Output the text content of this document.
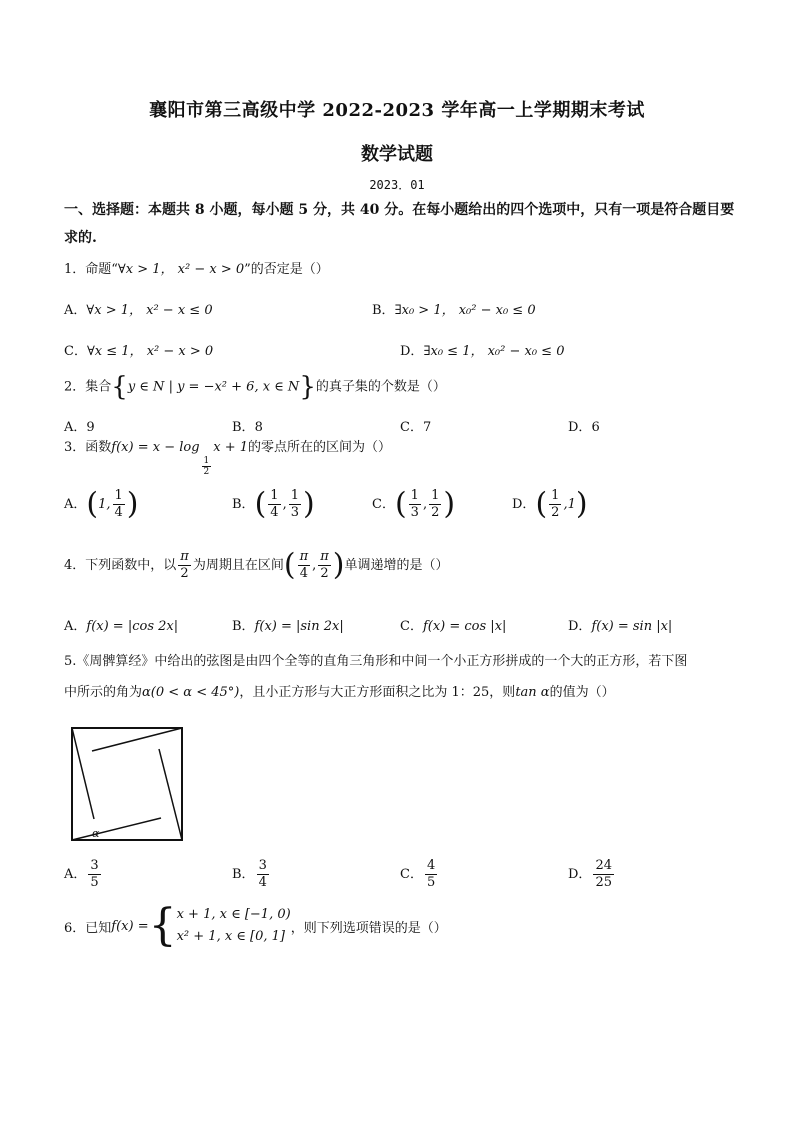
襄阳市第三高级中学 2022-2023 学年高一上学期期末考试
数学试题
2023．01
一、选择题：本题共 8 小题，每小题 5 分，共 40 分。在每小题给出的四个选项中，只有一项是符合题目要求的.
1．命题“∀x > 1， x² − x > 0”的否定是（）
A．∀x > 1， x² − x ≤ 0	B．∃x₀ > 1， x₀² − x₀ ≤ 0
C．∀x ≤ 1， x² − x > 0	D．∃x₀ ≤ 1， x₀² − x₀ ≤ 0
2．集合{y ∈ N | y = −x² + 6, x ∈ N}的真子集的个数是（）
A．9	B．8	C．7	D．6
3．函数f(x) = x − log
$\frac{1}{2}$
x + 1的零点所在的区间为（）
A．(1, $\frac{1}{4}$ )	B．( $\frac{1}{4}$ , $\frac{1}{3}$ )	C．( $\frac{1}{3}$ , $\frac{1}{2}$ )	D．( $\frac{1}{2} ,1$)
4．下列函数中，以 $\frac{\pi}{2}$ 为周期且在区间( $\frac{\pi}{4}$ , $\frac{\pi}{2}$ )单调递增的是（）
A．f(x) = |cos 2x|	B．f(x) = |sin 2x|	C．f(x) = cos |x|	D．f(x) = sin |x|
5.《周髀算经》中给出的弦图是由四个全等的直角三角形和中间一个小正方形拼成的一个大的正方形，若下图
中所示的角为α(0 < α < 45°)，且小正方形与大正方形面积之比为 1：25，则tan α的值为（）
α
A． $\frac{3}{5}$	B． $\frac{3}{4}$	C． $\frac{4}{5}$	D． $\frac{24}{25}$
6．已知 f(x) = { x + 1, x ∈ [−1, 0)
x² + 1, x ∈ [0, 1]
，则下列选项错误的是（）
